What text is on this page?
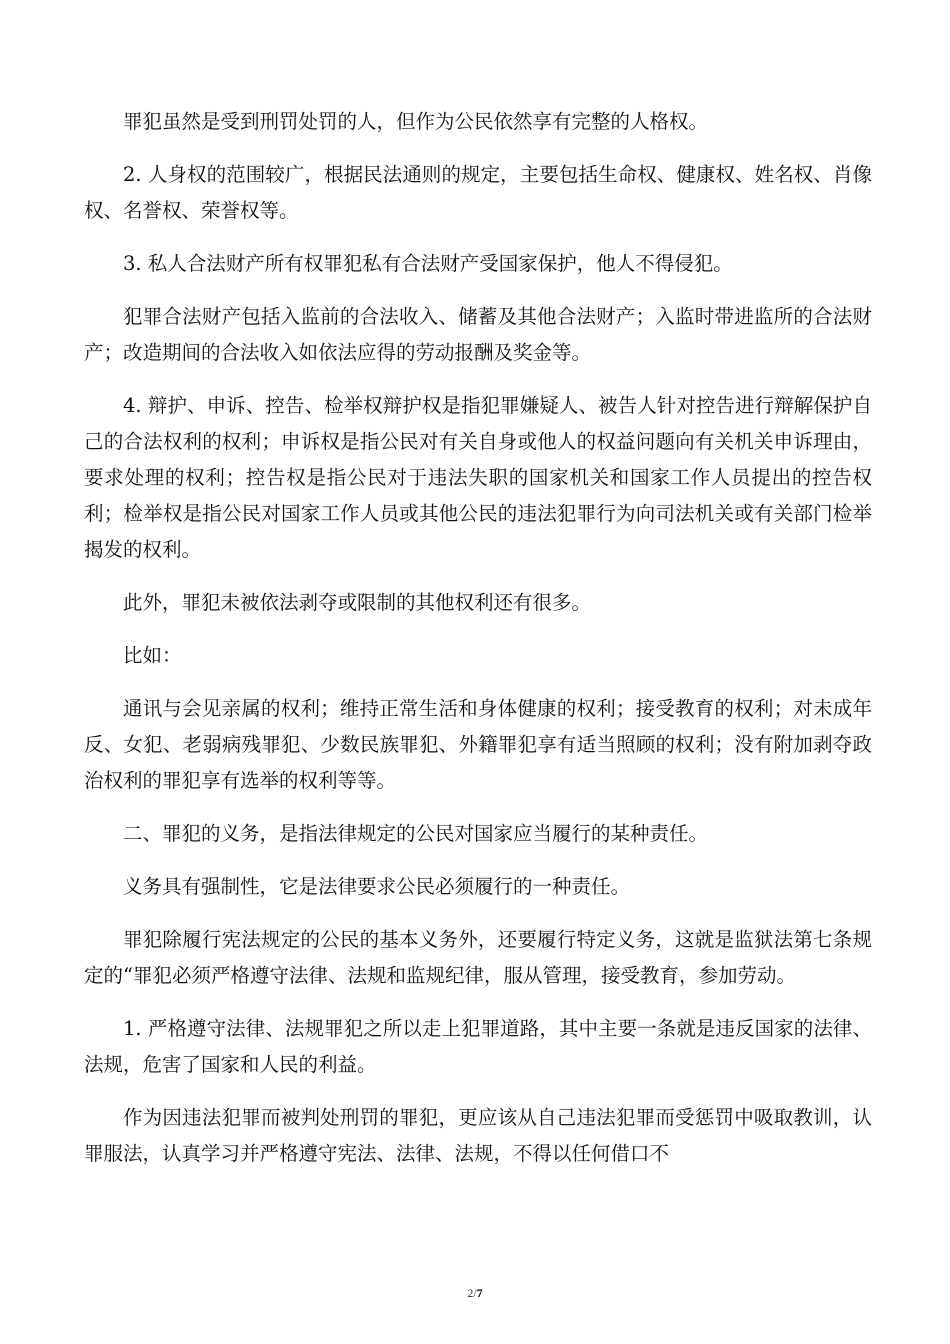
罪犯虽然是受到刑罚处罚的人，但作为公民依然享有完整的人格权。

2. 人身权的范围较广，根据民法通则的规定，主要包括生命权、健康权、姓名权、肖像权、名誉权、荣誉权等。

3. 私人合法财产所有权罪犯私有合法财产受国家保护，他人不得侵犯。

犯罪合法财产包括入监前的合法收入、储蓄及其他合法财产；入监时带进监所的合法财产；改造期间的合法收入如依法应得的劳动报酬及奖金等。

4. 辩护、申诉、控告、检举权辩护权是指犯罪嫌疑人、被告人针对控告进行辩解保护自己的合法权利的权利；申诉权是指公民对有关自身或他人的权益问题向有关机关申诉理由，要求处理的权利；控告权是指公民对于违法失职的国家机关和国家工作人员提出的控告权利；检举权是指公民对国家工作人员或其他公民的违法犯罪行为向司法机关或有关部门检举揭发的权利。

此外，罪犯未被依法剥夺或限制的其他权利还有很多。

比如：

通讯与会见亲属的权利；维持正常生活和身体健康的权利；接受教育的权利；对未成年反、女犯、老弱病残罪犯、少数民族罪犯、外籍罪犯享有适当照顾的权利；没有附加剥夺政治权利的罪犯享有选举的权利等等。

二、罪犯的义务，是指法律规定的公民对国家应当履行的某种责任。

义务具有强制性，它是法律要求公民必须履行的一种责任。

罪犯除履行宪法规定的公民的基本义务外，还要履行特定义务，这就是监狱法第七条规定的“罪犯必须严格遵守法律、法规和监规纪律，服从管理，接受教育，参加劳动。

1. 严格遵守法律、法规罪犯之所以走上犯罪道路，其中主要一条就是违反国家的法律、法规，危害了国家和人民的利益。

作为因违法犯罪而被判处刑罚的罪犯，更应该从自己违法犯罪而受惩罚中吸取教训，认罪服法，认真学习并严格遵守宪法、法律、法规，不得以任何借口不

2/7
